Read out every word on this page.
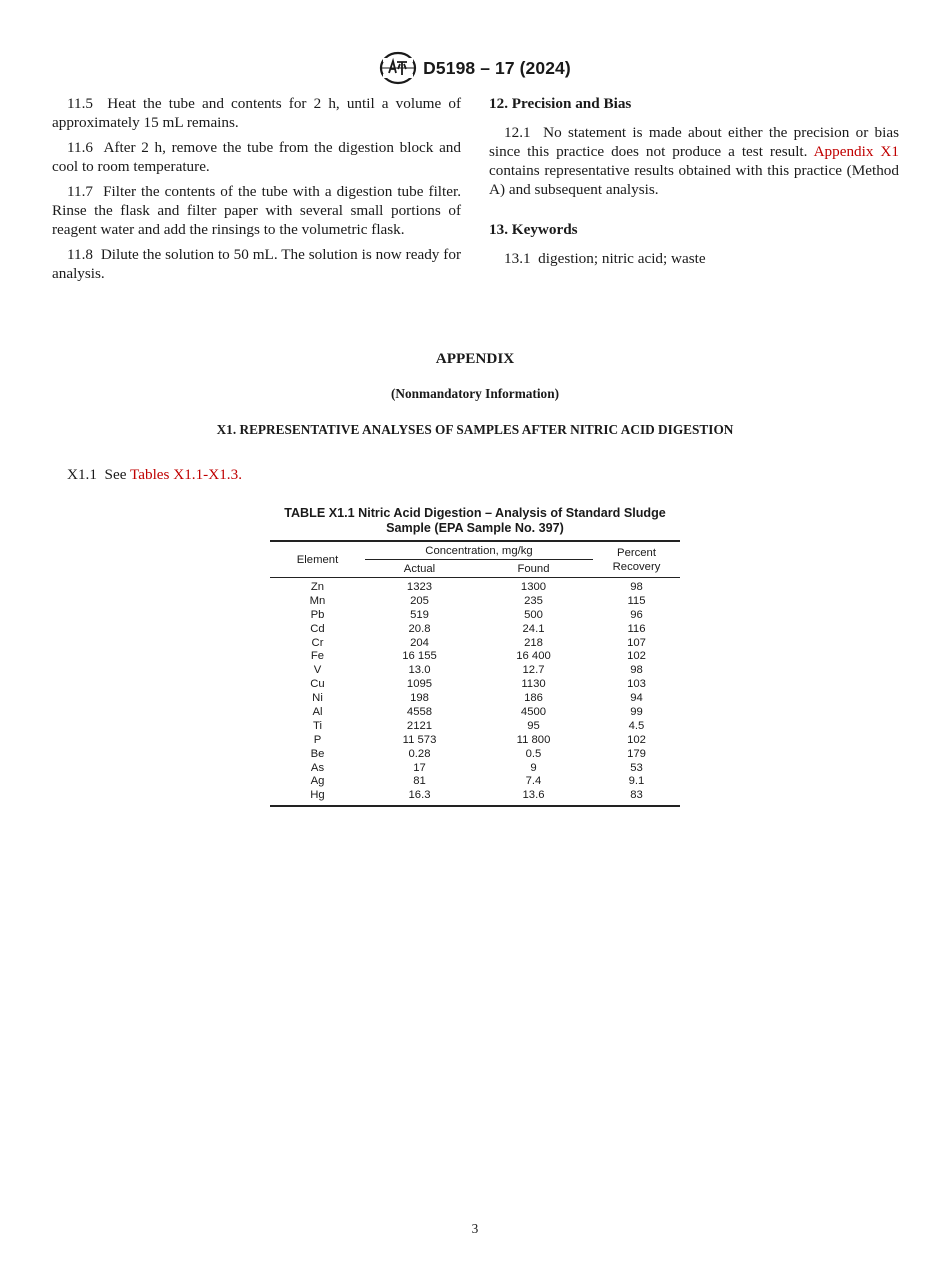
D5198 – 17 (2024)

11.5 Heat the tube and contents for 2 h, until a volume of approximately 15 mL remains.

11.6 After 2 h, remove the tube from the digestion block and cool to room temperature.

11.7 Filter the contents of the tube with a digestion tube filter. Rinse the flask and filter paper with several small portions of reagent water and add the rinsings to the volumetric flask.

11.8 Dilute the solution to 50 mL. The solution is now ready for analysis.

12. Precision and Bias

12.1 No statement is made about either the precision or bias since this practice does not produce a test result. Appendix X1 contains representative results obtained with this practice (Method A) and subsequent analysis.

13. Keywords

13.1 digestion; nitric acid; waste

APPENDIX
(Nonmandatory Information)
X1. REPRESENTATIVE ANALYSES OF SAMPLES AFTER NITRIC ACID DIGESTION
X1.1 See Tables X1.1-X1.3.
TABLE X1.1 Nitric Acid Digestion – Analysis of Standard Sludge
Sample (EPA Sample No. 397)
Element
Concentration, mg/kg
Actual	Found
Percent
Recovery
Zn	1323	1300	98
Mn	205	235	115
Pb	519	500	96
Cd	20.8	24.1	116
Cr	204	218	107
Fe	16 155	16 400	102
V	13.0	12.7	98
Cu	1095	1130	103
Ni	198	186	94
Al	4558	4500	99
Ti	2121	95	4.5
P	11 573	11 800	102
Be	0.28	0.5	179
As	17	9	53
Ag	81	7.4	9.1
Hg	16.3	13.6	83
3
